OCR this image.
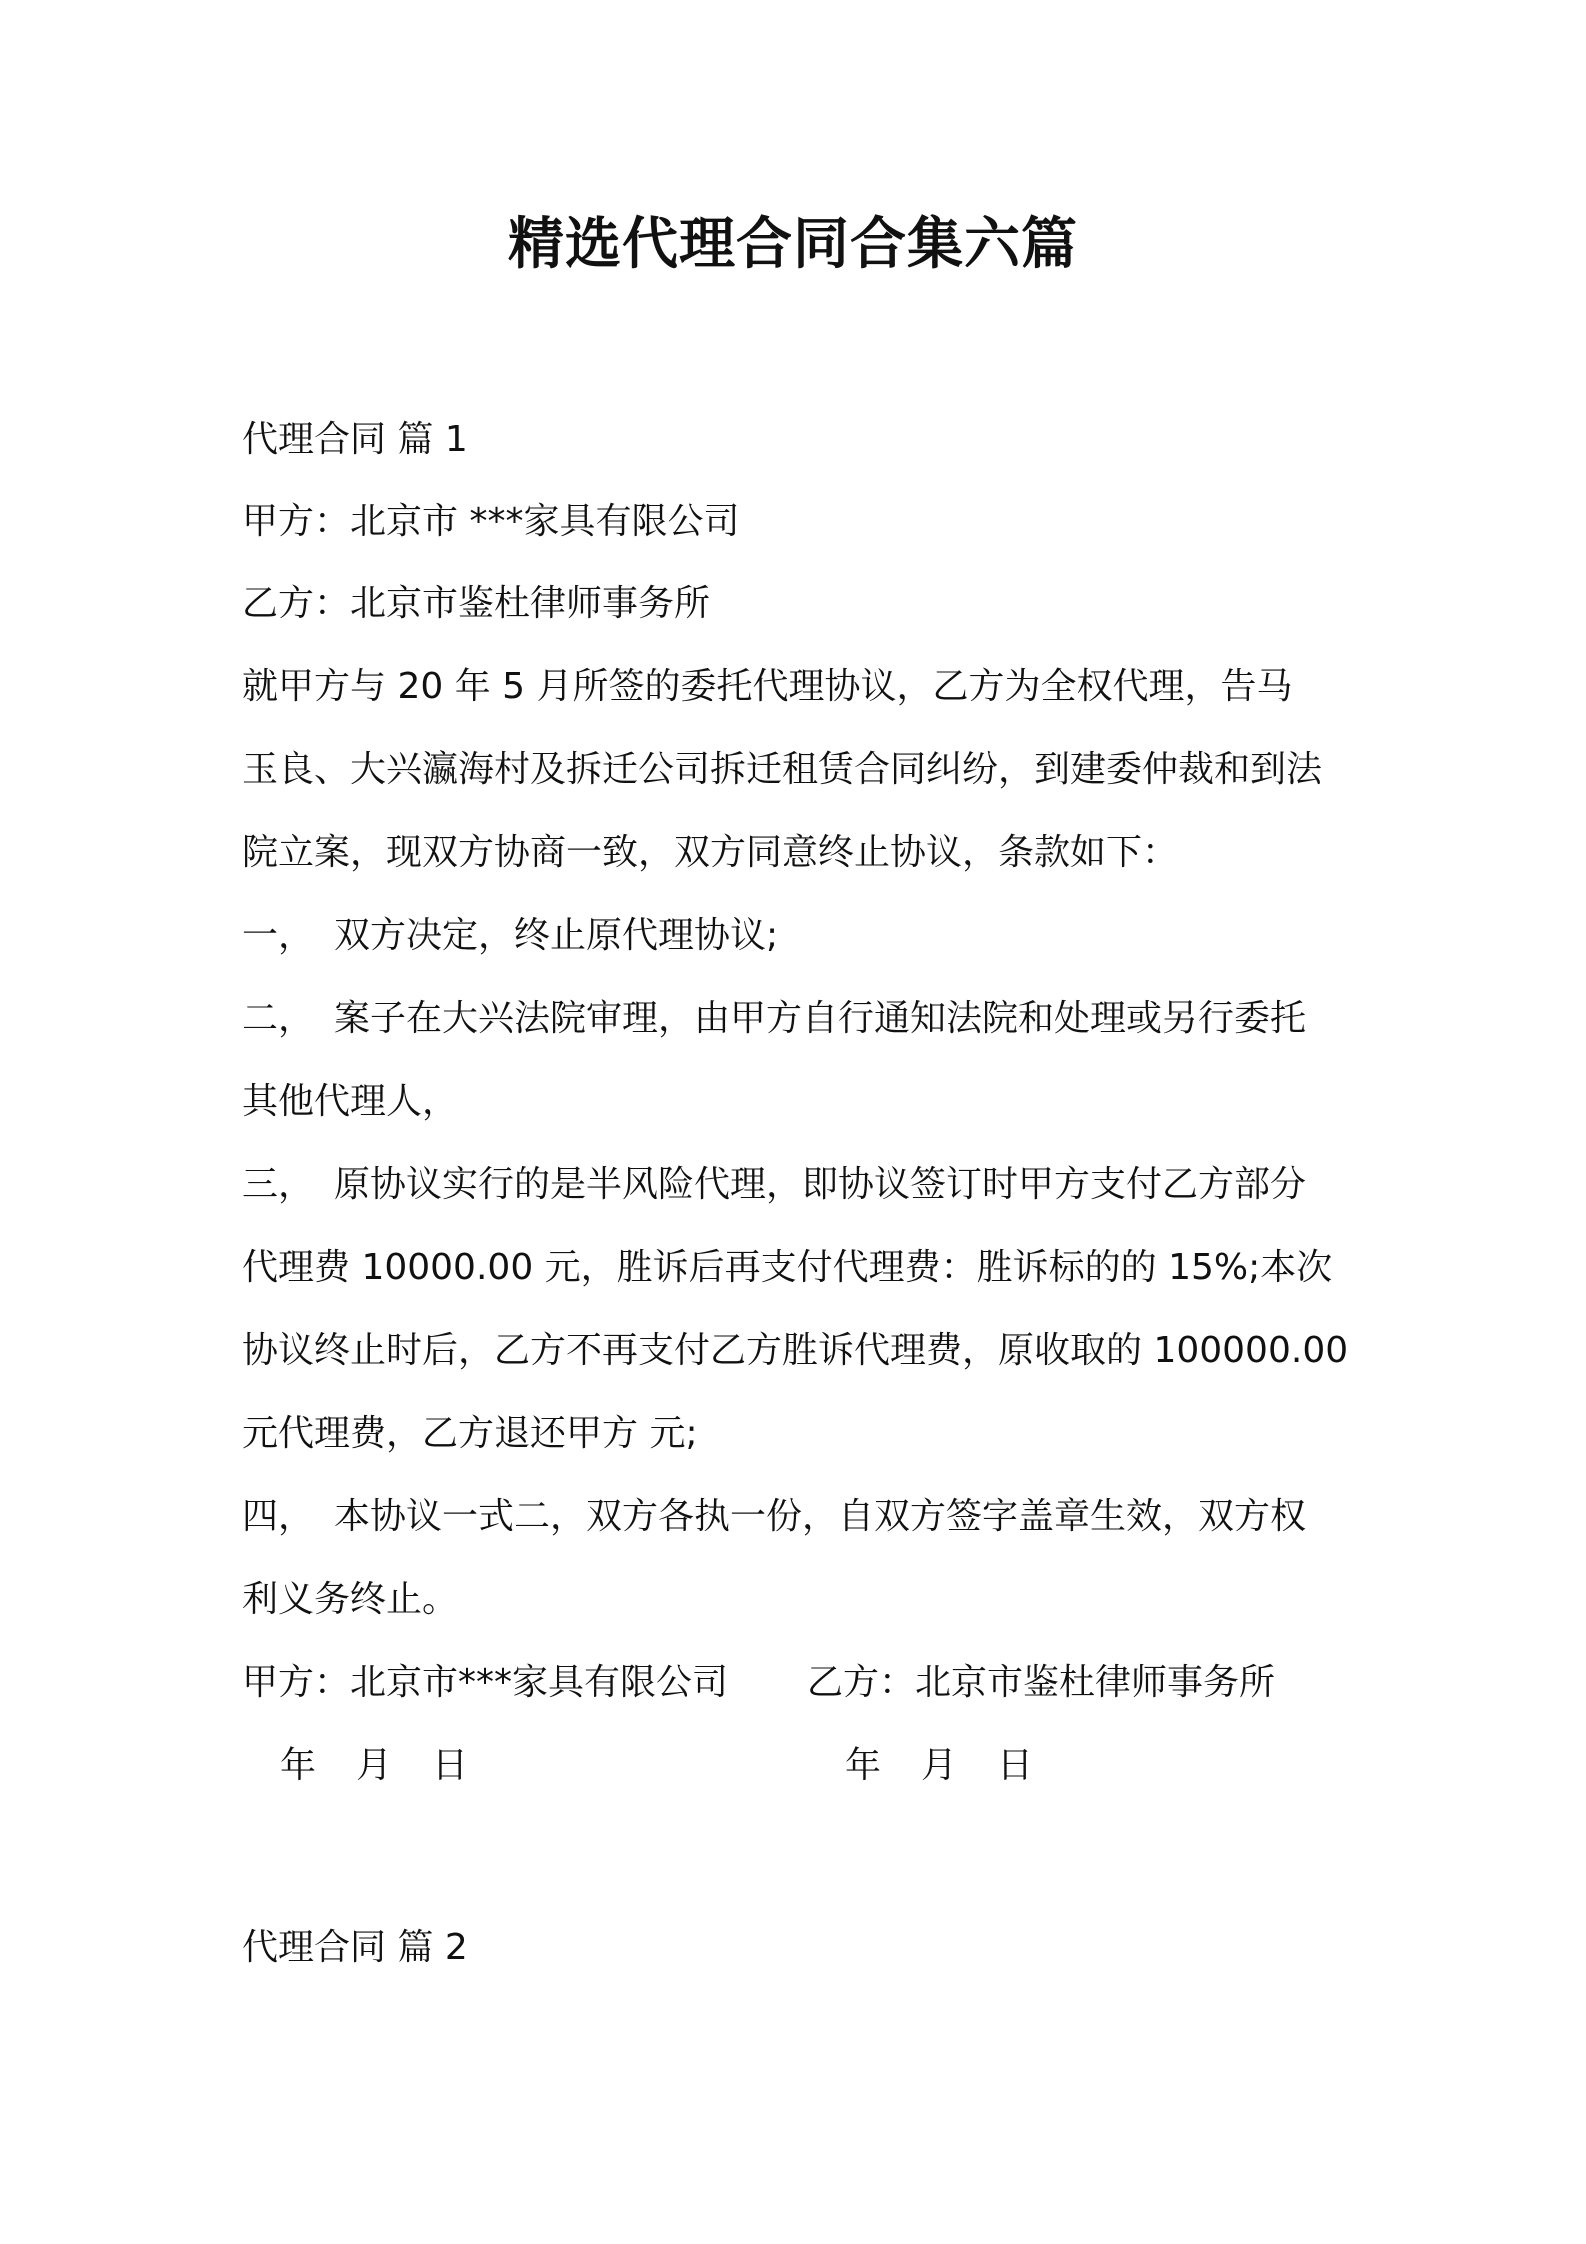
精选代理合同合集六篇
代理合同 篇 1
甲方：北京市 ***家具有限公司
乙方：北京市鉴杜律师事务所
就甲方与 20 年 5 月所签的委托代理协议，乙方为全权代理，告马
玉良、大兴瀛海村及拆迁公司拆迁租赁合同纠纷，到建委仲裁和到法
院立案，现双方协商一致，双方同意终止协议，条款如下：
一， 双方决定，终止原代理协议;
二， 案子在大兴法院审理，由甲方自行通知法院和处理或另行委托
其他代理人，
三， 原协议实行的是半风险代理，即协议签订时甲方支付乙方部分
代理费 10000.00 元，胜诉后再支付代理费：胜诉标的的 15%;本次
协议终止时后，乙方不再支付乙方胜诉代理费，原收取的 100000.00
元代理费，乙方退还甲方 元;
四， 本协议一式二，双方各执一份，自双方签字盖章生效，双方权
利义务终止。
甲方：北京市***家具有限公司	乙方：北京市鉴杜律师事务所
年 月 日	年 月 日
代理合同 篇 2
